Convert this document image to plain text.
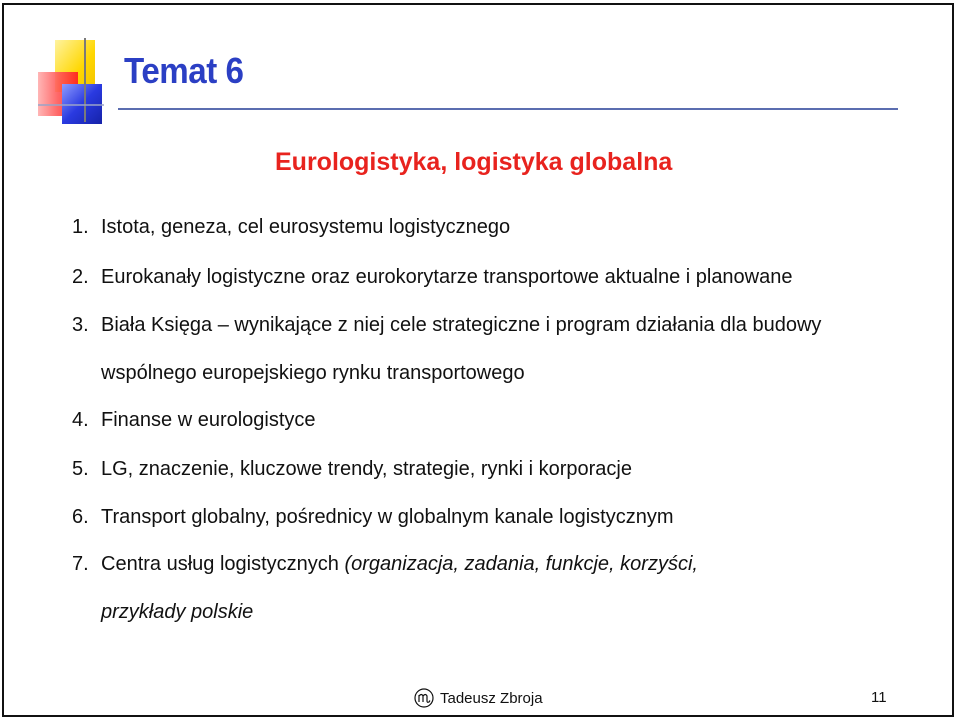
Temat 6
Eurologistyka, logistyka globalna

1. Istota, geneza, cel eurosystemu logistycznego

2. Eurokanały logistyczne oraz eurokorytarze transportowe aktualne i planowane

3. Biała Księga – wynikające z niej cele strategiczne i program działania dla budowy

wspólnego europejskiego rynku transportowego

4. Finanse w eurologistyce

5. LG, znaczenie, kluczowe trendy, strategie, rynki i korporacje

6. Transport globalny, pośrednicy w globalnym kanale logistycznym

7. Centra usług logistycznych (organizacja, zadania, funkcje, korzyści,

przykłady polskie

Tadeusz Zbroja	11
